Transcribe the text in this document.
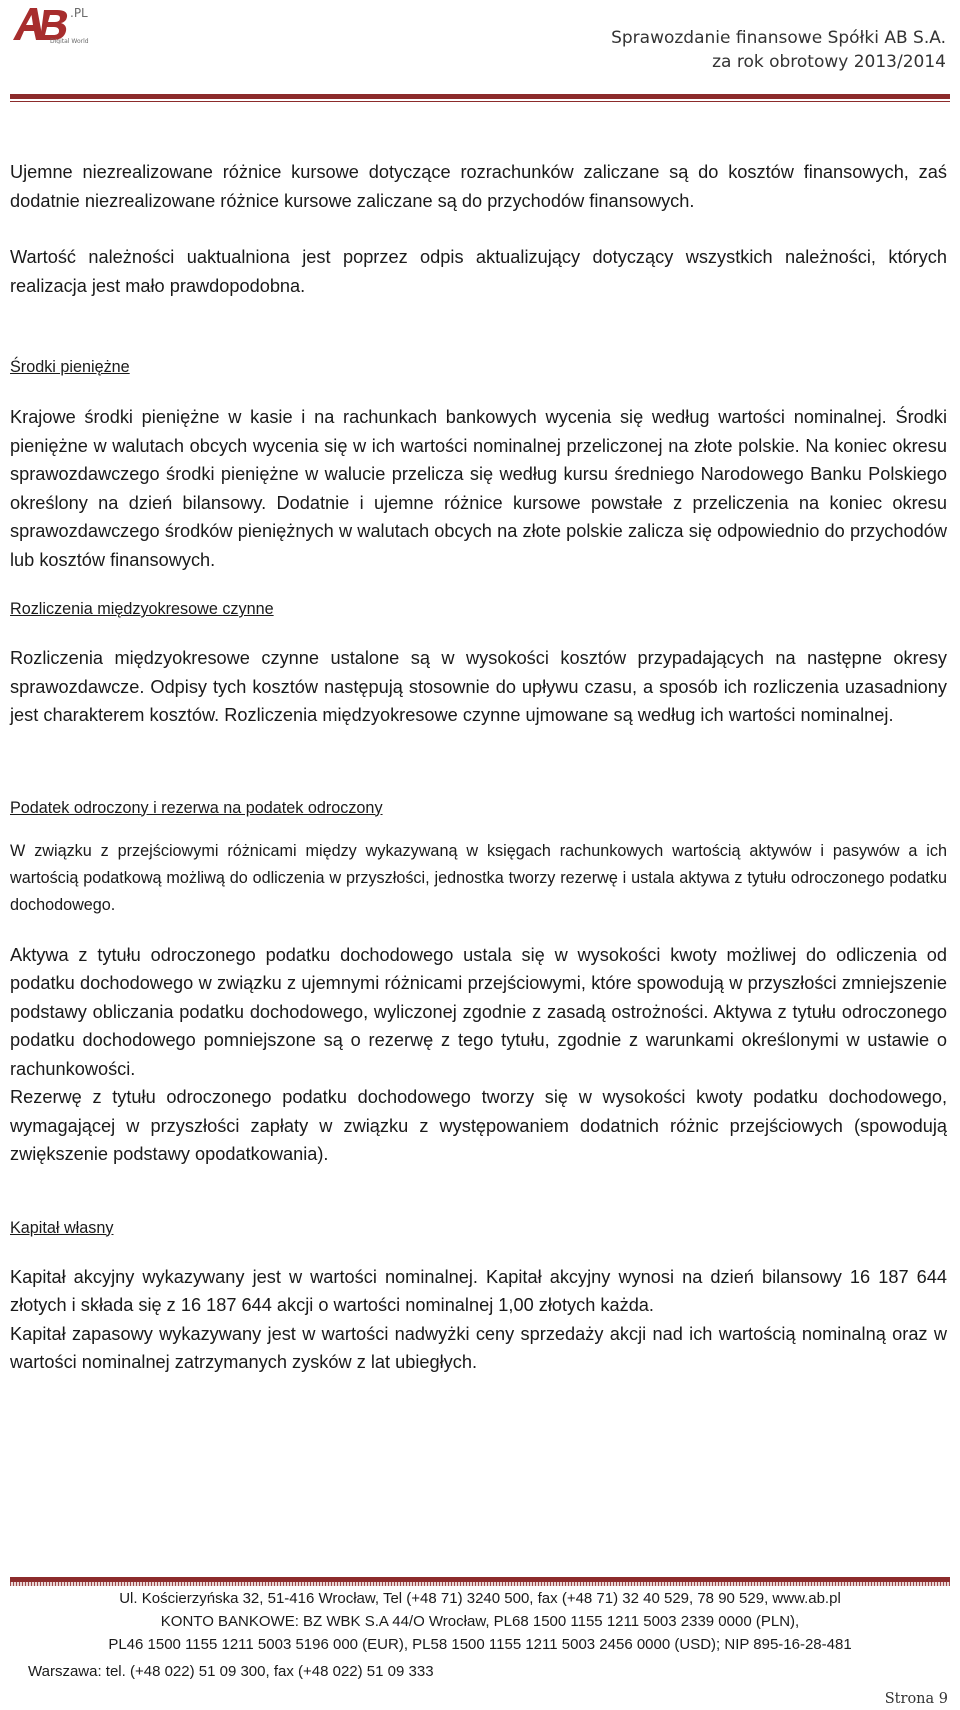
.PL
Digital World	Sprawozdanie finansowe Spółki AB S.A.
za rok obrotowy 2013/2014

Ujemne niezrealizowane różnice kursowe dotyczące rozrachunków zaliczane są do kosztów finansowych, zaś dodatnie niezrealizowane różnice kursowe zaliczane są do przychodów finansowych.

Wartość należności uaktualniona jest poprzez odpis aktualizujący dotyczący wszystkich należności, których realizacja jest mało prawdopodobna.

Środki pieniężne

Krajowe środki pieniężne w kasie i na rachunkach bankowych wycenia się według wartości nominalnej. Środki pieniężne w walutach obcych wycenia się w ich wartości nominalnej przeliczonej na złote polskie. Na koniec okresu sprawozdawczego środki pieniężne w walucie przelicza się według kursu średniego Narodowego Banku Polskiego określony na dzień bilansowy. Dodatnie i ujemne różnice kursowe powstałe z przeliczenia na koniec okresu sprawozdawczego środków pieniężnych w walutach obcych na złote polskie zalicza się odpowiednio do przychodów lub kosztów finansowych.

Rozliczenia międzyokresowe czynne

Rozliczenia międzyokresowe czynne ustalone są w wysokości kosztów przypadających na następne okresy sprawozdawcze. Odpisy tych kosztów następują stosownie do upływu czasu, a sposób ich rozliczenia uzasadniony jest charakterem kosztów. Rozliczenia międzyokresowe czynne ujmowane są według ich wartości nominalnej.

Podatek odroczony i rezerwa na podatek odroczony

W związku z przejściowymi różnicami między wykazywaną w księgach rachunkowych wartością aktywów i pasywów a ich wartością podatkową możliwą do odliczenia w przyszłości, jednostka tworzy rezerwę i ustala aktywa z tytułu odroczonego podatku dochodowego.

Aktywa z tytułu odroczonego podatku dochodowego ustala się w wysokości kwoty możliwej do odliczenia od podatku dochodowego w związku z ujemnymi różnicami przejściowymi, które spowodują w przyszłości zmniejszenie podstawy obliczania podatku dochodowego, wyliczonej zgodnie z zasadą ostrożności. Aktywa z tytułu odroczonego podatku dochodowego pomniejszone są o rezerwę z tego tytułu, zgodnie z warunkami określonymi w ustawie o rachunkowości.

Rezerwę z tytułu odroczonego podatku dochodowego tworzy się w wysokości kwoty podatku dochodowego, wymagającej w przyszłości zapłaty w związku z występowaniem dodatnich różnic przejściowych (spowodują zwiększenie podstawy opodatkowania).

Kapitał własny

Kapitał akcyjny wykazywany jest w wartości nominalnej. Kapitał akcyjny wynosi na dzień bilansowy 16 187 644 złotych i składa się z 16 187 644 akcji o wartości nominalnej 1,00 złotych każda.

Kapitał zapasowy wykazywany jest w wartości nadwyżki ceny sprzedaży akcji nad ich wartością nominalną oraz w wartości nominalnej zatrzymanych zysków z lat ubiegłych.

Ul. Kościerzyńska 32, 51-416 Wrocław, Tel (+48 71) 3240 500, fax (+48 71) 32 40 529, 78 90 529, www.ab.pl
KONTO BANKOWE: BZ WBK S.A 44/O Wrocław, PL68 1500 1155 1211 5003 2339 0000 (PLN),
PL46 1500 1155 1211 5003 5196 000 (EUR), PL58 1500 1155 1211 5003 2456 0000 (USD); NIP 895-16-28-481
Warszawa: tel. (+48 022) 51 09 300, fax (+48 022) 51 09 333
Strona 9
